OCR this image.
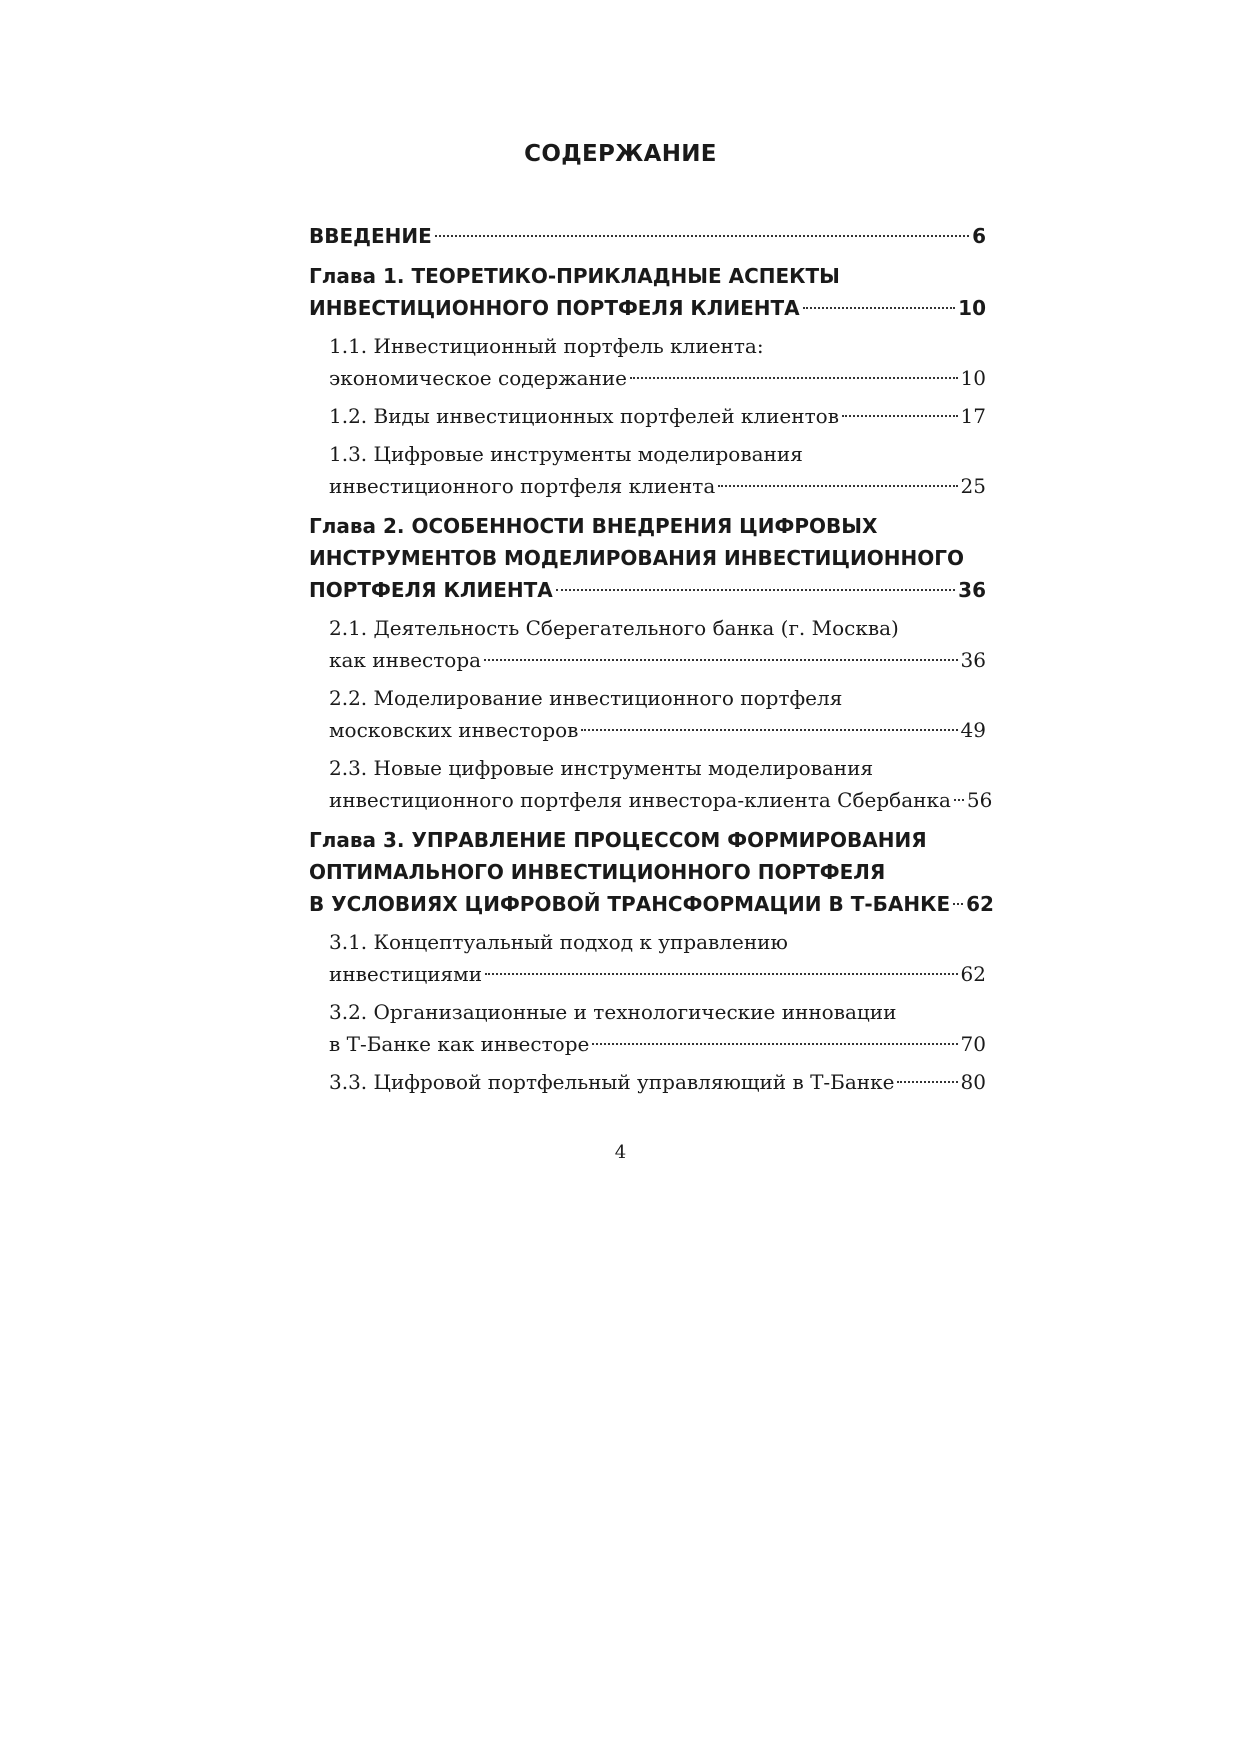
СОДЕРЖАНИЕ
ВВЕДЕНИЕ	6
Глава 1. ТЕОРЕТИКО-ПРИКЛАДНЫЕ АСПЕКТЫ
ИНВЕСТИЦИОННОГО ПОРТФЕЛЯ КЛИЕНТА	10
1.1. Инвестиционный портфель клиента:
экономическое содержание	10
1.2. Виды инвестиционных портфелей клиентов	17
1.3. Цифровые инструменты моделирования
инвестиционного портфеля клиента	25
Глава 2. ОСОБЕННОСТИ ВНЕДРЕНИЯ ЦИФРОВЫХ
ИНСТРУМЕНТОВ МОДЕЛИРОВАНИЯ ИНВЕСТИЦИОННОГО
ПОРТФЕЛЯ КЛИЕНТА	36
2.1. Деятельность Сберегательного банка (г. Москва)
как инвестора	36
2.2. Моделирование инвестиционного портфеля
московских инвесторов	49
2.3. Новые цифровые инструменты моделирования
инвестиционного портфеля инвестора-клиента Сбербанка 56
Глава 3. УПРАВЛЕНИЕ ПРОЦЕССОМ ФОРМИРОВАНИЯ
ОПТИМАЛЬНОГО ИНВЕСТИЦИОННОГО ПОРТФЕЛЯ
В УСЛОВИЯХ ЦИФРОВОЙ ТРАНСФОРМАЦИИ В Т-БАНКЕ 62
3.1. Концептуальный подход к управлению
инвестициями	62
3.2. Организационные и технологические инновации
в Т-Банке как инвесторе	70
3.3. Цифровой портфельный управляющий в Т-Банке	80
4
